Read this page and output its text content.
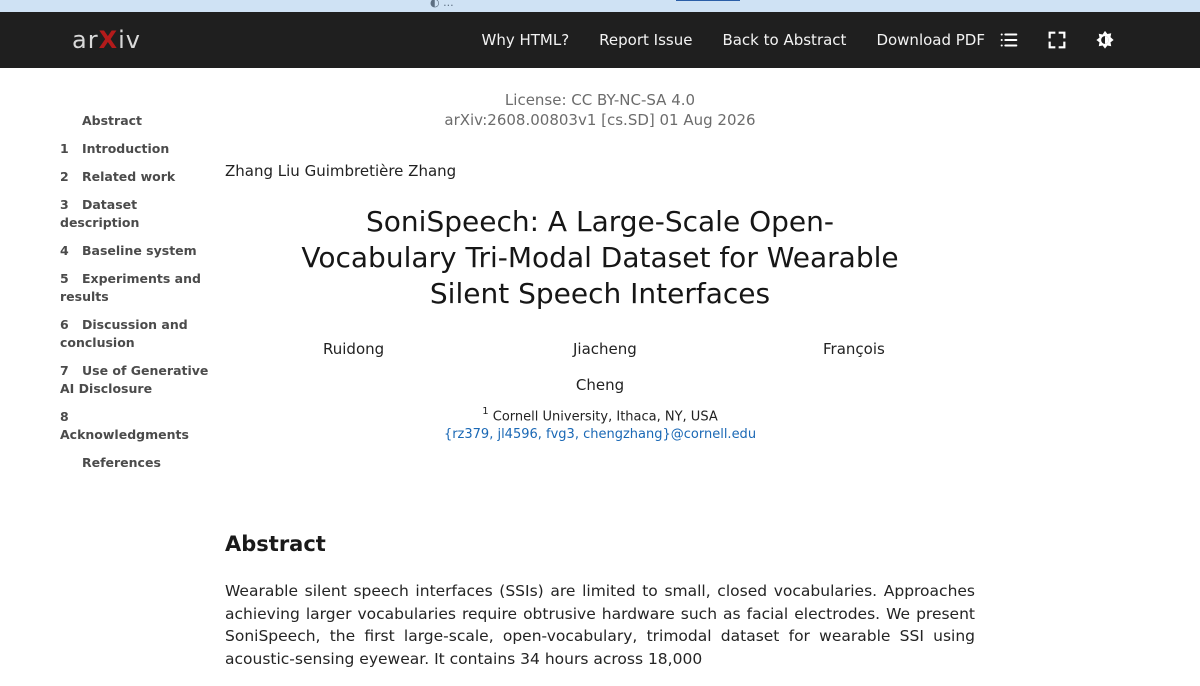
◐ ...
arXiv	Why HTML? Report Issue Back to Abstract Download PDF
Abstract
1 Introduction
2 Related work
3 Dataset description
4 Baseline system
5 Experiments and results
6 Discussion and conclusion
7 Use of Generative AI Disclosure
8Acknowledgments
References
License: CC BY-NC-SA 4.0
arXiv:2608.00803v1 [cs.SD] 01 Aug 2026
Zhang Liu Guimbretière Zhang
SoniSpeech: A Large-Scale Open-Vocabulary Tri-Modal Dataset for Wearable Silent Speech Interfaces
Ruidong	Jiacheng	François
Cheng
$^1$ Cornell University, Ithaca, NY, USA
{rz379, jl4596, fvg3, chengzhang}@cornell.edu
Abstract

Wearable silent speech interfaces (SSIs) are limited to small, closed vocabularies. Approaches achieving larger vocabularies require obtrusive hardware such as facial electrodes. We present SoniSpeech, the first large-scale, open-vocabulary, trimodal dataset for wearable SSI using acoustic-sensing eyewear. It contains 34 hours across 18,000
